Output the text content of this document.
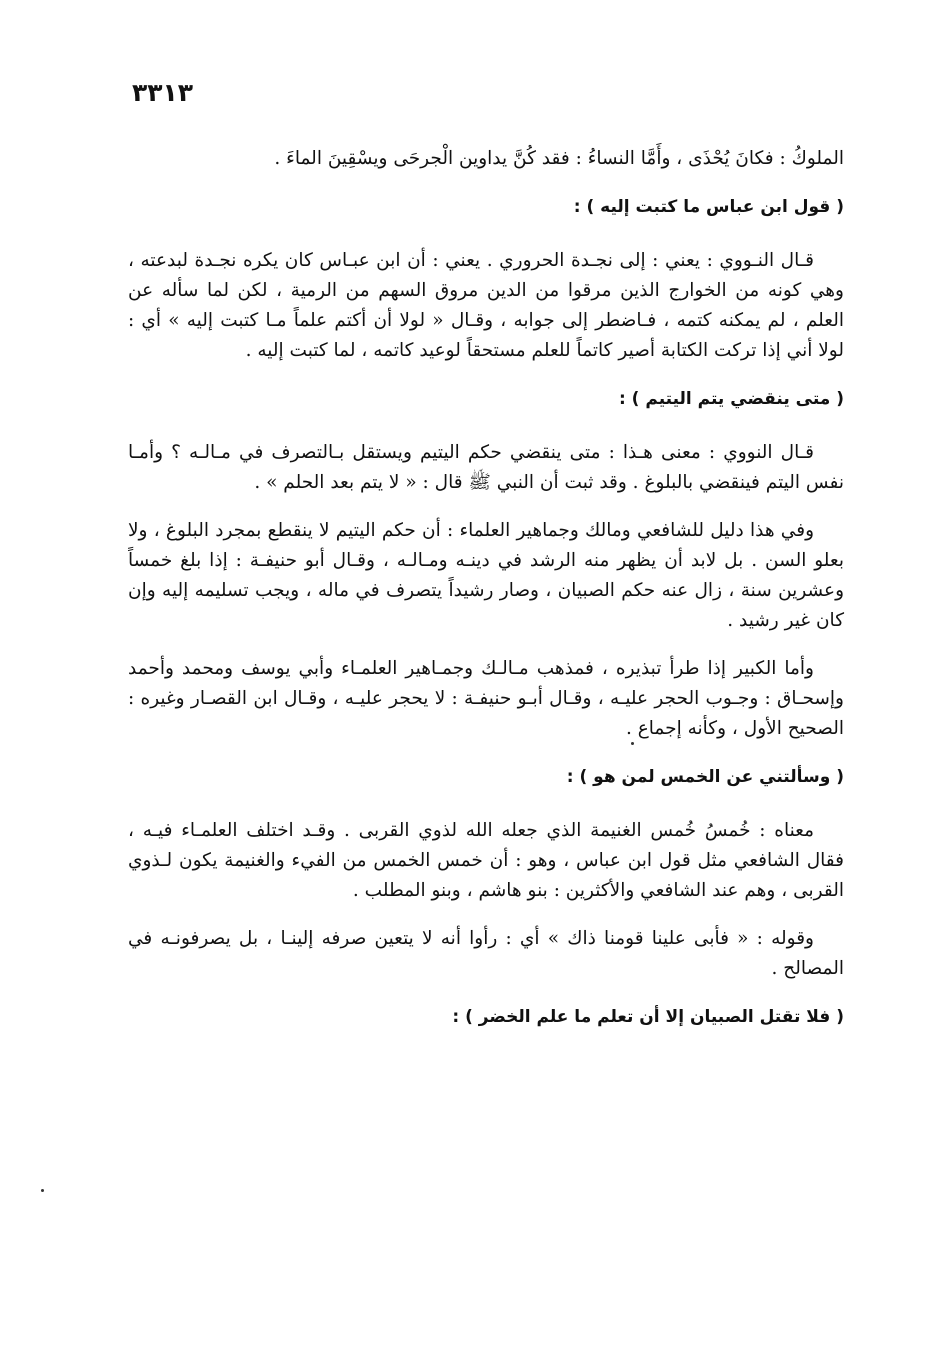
٣٣١٣

الملوكُ : فكانَ يُحْذَى ، وأَمَّا النساءُ : فقد كُنَّ يداوين الْجرحَى ويسْقِينَ الماءَ .

( قول ابن عباس ما كتبت إليه ) :

قـال النـووي : يعني : إلى نجـدة الحروري . يعني : أن ابن عبـاس كان يكره نجـدة لبدعته ، وهي كونه من الخوارج الذين مرقوا من الدين مروق السهم من الرمية ، لكن لما سأله عن العلم ، لم يمكنه كتمه ، فـاضطر إلى جوابه ، وقـال « لولا أن أكتم علماً مـا كتبت إليه » أي : لولا أني إذا تركت الكتابة أصير كاتماً للعلم مستحقاً لوعيد كاتمه ، لما كتبت إليه .

( متى ينقضي يتم اليتيم ) :

قـال النووي : معنى هـذا : متى ينقضي حكم اليتيم ويستقل بـالتصرف في مـالـه ؟ وأمـا نفس اليتم فينقضي بالبلوغ . وقد ثبت أن النبي ﷺ قال : « لا يتم بعد الحلم » .

وفي هذا دليل للشافعي ومالك وجماهير العلماء : أن حكم اليتيم لا ينقطع بمجرد البلوغ ، ولا بعلو السن . بل لابد أن يظهر منه الرشد في دينـه ومـالـه ، وقـال أبو حنيفـة : إذا بلغ خمساً وعشرين سنة ، زال عنه حكم الصبيان ، وصار رشيداً يتصرف في ماله ، ويجب تسليمه إليه وإن كان غير رشيد .

وأما الكبير إذا طرأ تبذيره ، فمذهب مـالـك وجمـاهير العلمـاء وأبي يوسف ومحمد وأحمد وإسحـاق : وجـوب الحجر عليـه ، وقـال أبـو حنيفـة : لا يحجر عليـه ، وقـال ابن القصـار وغيره : الصحيح الأول ، وكأنه إجماع .

( وسألتني عن الخمس لمن هو ) :

معناه : خُمسُ خُمس الغنيمة الذي جعله الله لذوي القربى . وقـد اختلف العلمـاء فيـه ، فقال الشافعي مثل قول ابن عباس ، وهو : أن خمس الخمس من الفيء والغنيمة يكون لـذوي القربى ، وهم عند الشافعي والأكثرين : بنو هاشم ، وبنو المطلب .

وقوله : « فأبى علينا قومنا ذاك » أي : رأوا أنه لا يتعين صرفه إلينـا ، بل يصرفونـه في المصالح .

( فلا تقتل الصبيان إلا أن تعلم ما علم الخضر ) :
